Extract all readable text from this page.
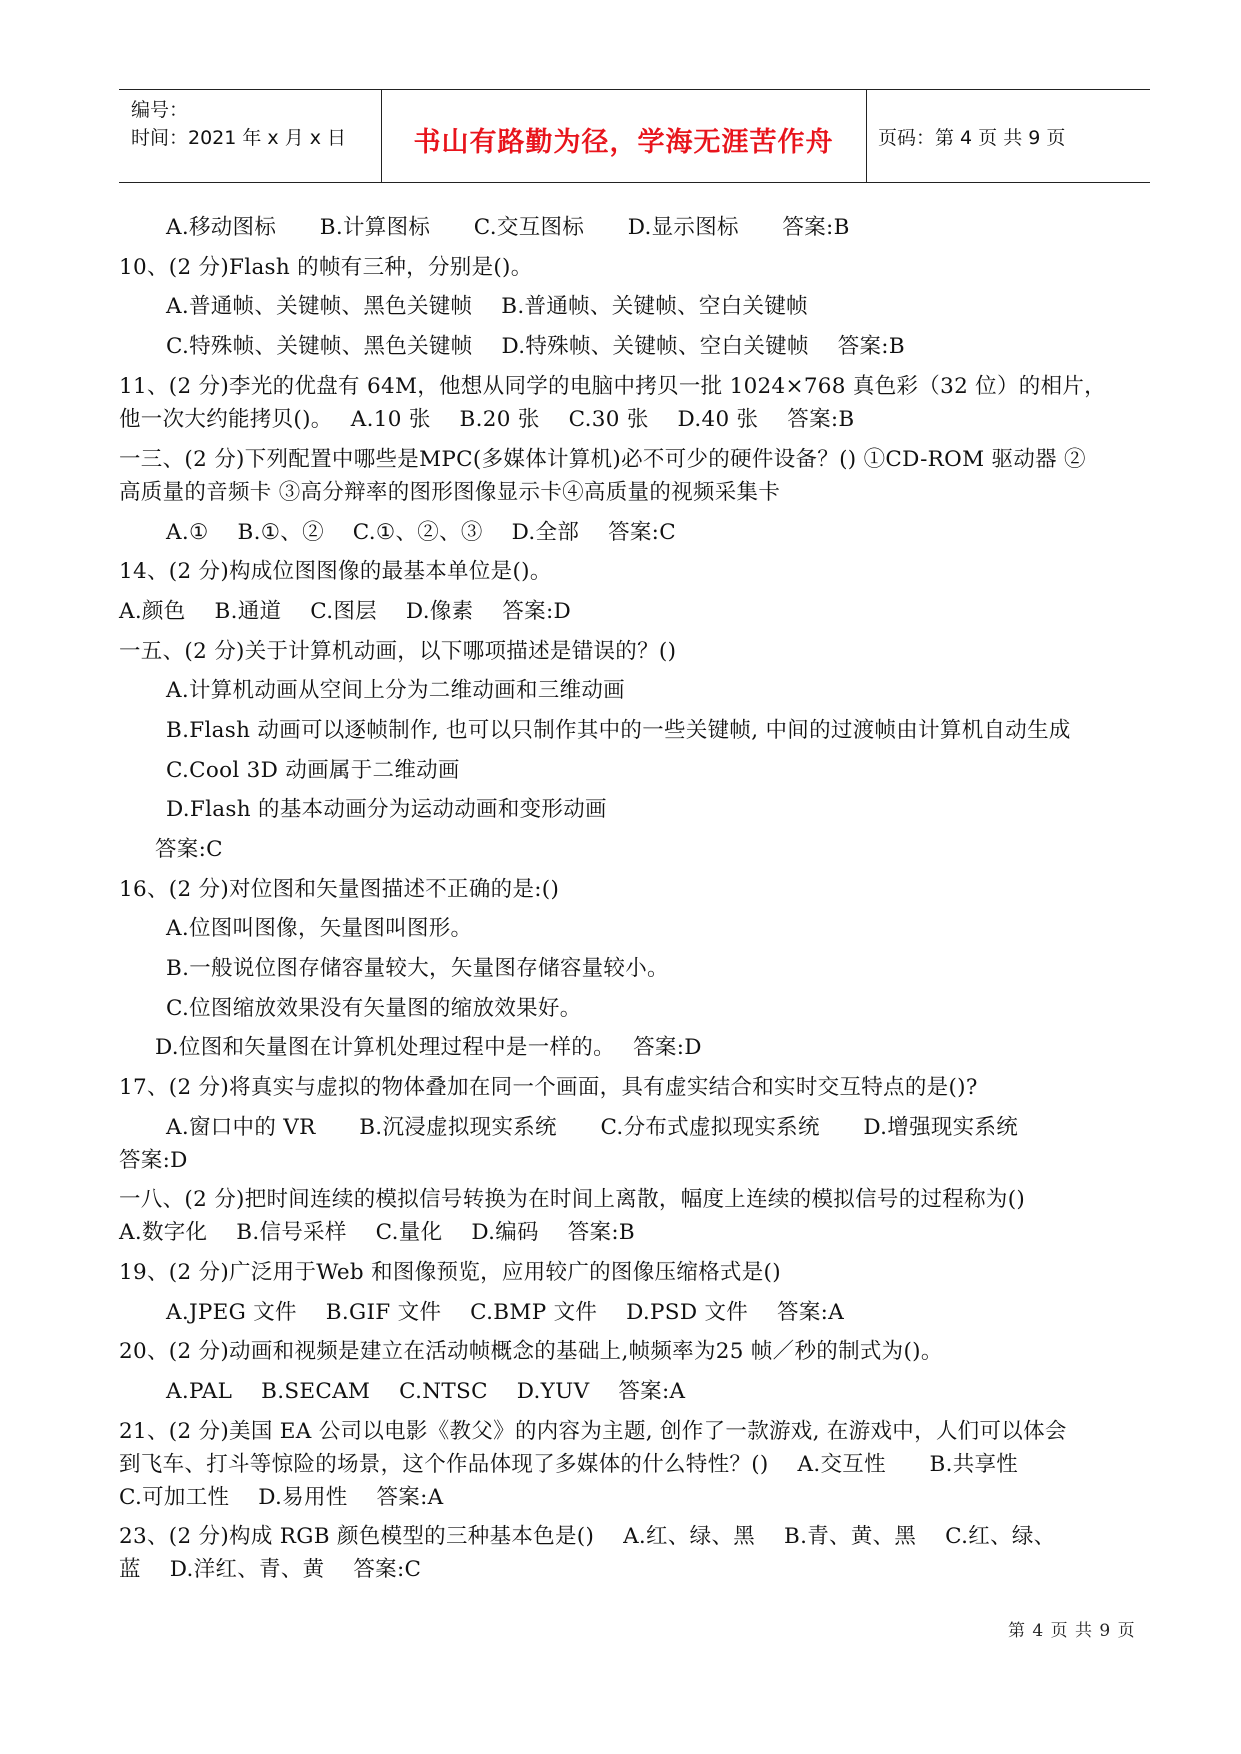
编号：
时间：2021 年 x 月 x 日	书山有路勤为径，学海无涯苦作舟	页码：第 4 页 共 9 页
A.移动图标　　B.计算图标　　C.交互图标　　D.显示图标　　答案:B
10、(2 分)Flash 的帧有三种，分别是()。
A.普通帧、关键帧、黑色关键帧　 B.普通帧、关键帧、空白关键帧
C.特殊帧、关键帧、黑色关键帧　 D.特殊帧、关键帧、空白关键帧　 答案:B
11、(2 分)李光的优盘有 64M，他想从同学的电脑中拷贝一批 1024×768 真色彩（32 位）的相片，
他一次大约能拷贝()。　 A.10 张　 B.20 张　 C.30 张　 D.40 张　 答案:B
一三、(2 分)下列配置中哪些是MPC(多媒体计算机)必不可少的硬件设备？() ①CD-ROM 驱动器 ②
高质量的音频卡 ③高分辩率的图形图像显示卡④高质量的视频采集卡
A.①　 B.①、②　 C.①、②、③　 D.全部　 答案:C
14、(2 分)构成位图图像的最基本单位是()。
A.颜色　 B.通道　 C.图层　 D.像素　 答案:D
一五、(2 分)关于计算机动画，以下哪项描述是错误的？()
A.计算机动画从空间上分为二维动画和三维动画
B.Flash 动画可以逐帧制作, 也可以只制作其中的一些关键帧, 中间的过渡帧由计算机自动生成
C.Cool 3D 动画属于二维动画
D.Flash 的基本动画分为运动动画和变形动画
答案:C
16、(2 分)对位图和矢量图描述不正确的是:()
A.位图叫图像，矢量图叫图形。
B.一般说位图存储容量较大，矢量图存储容量较小。
C.位图缩放效果没有矢量图的缩放效果好。
D.位图和矢量图在计算机处理过程中是一样的。　 答案:D
17、(2 分)将真实与虚拟的物体叠加在同一个画面，具有虚实结合和实时交互特点的是()?
A.窗口中的 VR　　B.沉浸虚拟现实系统　　C.分布式虚拟现实系统　　D.增强现实系统
答案:D
一八、(2 分)把时间连续的模拟信号转换为在时间上离散，幅度上连续的模拟信号的过程称为()
A.数字化　 B.信号采样　 C.量化　 D.编码　 答案:B
19、(2 分)广泛用于Web 和图像预览，应用较广的图像压缩格式是()
A.JPEG 文件　 B.GIF 文件　 C.BMP 文件　 D.PSD 文件　 答案:A
20、(2 分)动画和视频是建立在活动帧概念的基础上,帧频率为25 帧／秒的制式为()。
A.PAL　 B.SECAM　 C.NTSC　 D.YUV　 答案:A
21、(2 分)美国 EA 公司以电影《教父》的内容为主题, 创作了一款游戏, 在游戏中，人们可以体会
到飞车、打斗等惊险的场景，这个作品体现了多媒体的什么特性？()　 A.交互性　　B.共享性
C.可加工性　 D.易用性　 答案:A
23、(2 分)构成 RGB 颜色模型的三种基本色是()　 A.红、绿、黑　 B.青、黄、黑　 C.红、绿、
蓝　 D.洋红、青、黄　 答案:C
第 4 页 共 9 页
